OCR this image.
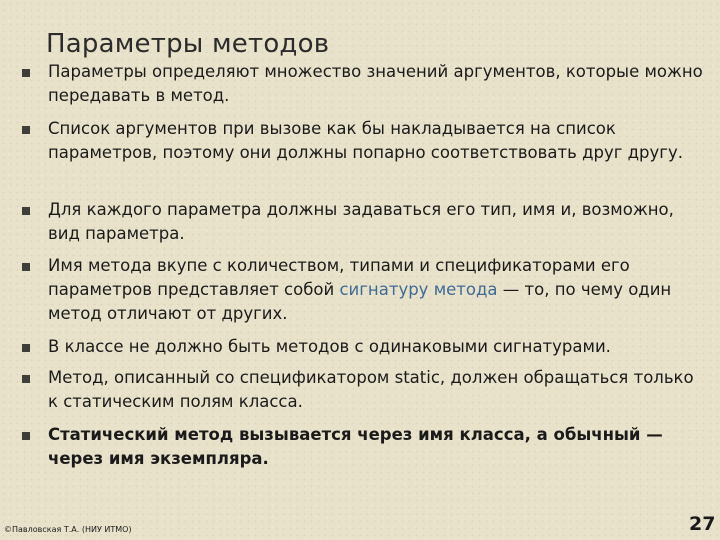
Параметры методов
Параметры определяют множество значений аргументов, которые можно передавать в метод.
Список аргументов при вызове как бы накладывается на список параметров, поэтому они должны попарно соответствовать друг другу.
Для каждого параметра должны задаваться его тип, имя и, возможно, вид параметра.
Имя метода вкупе с количеством, типами и спецификаторами его параметров представляет собой сигнатуру метода — то, по чему один метод отличают от других.
В классе не должно быть методов с одинаковыми сигнатурами.
Метод, описанный со спецификатором static, должен обращаться только к статическим полям класса.
Статический метод вызывается через имя класса, а обычный — через имя экземпляра.
©Павловская Т.А. (НИУ ИТМО)	27
